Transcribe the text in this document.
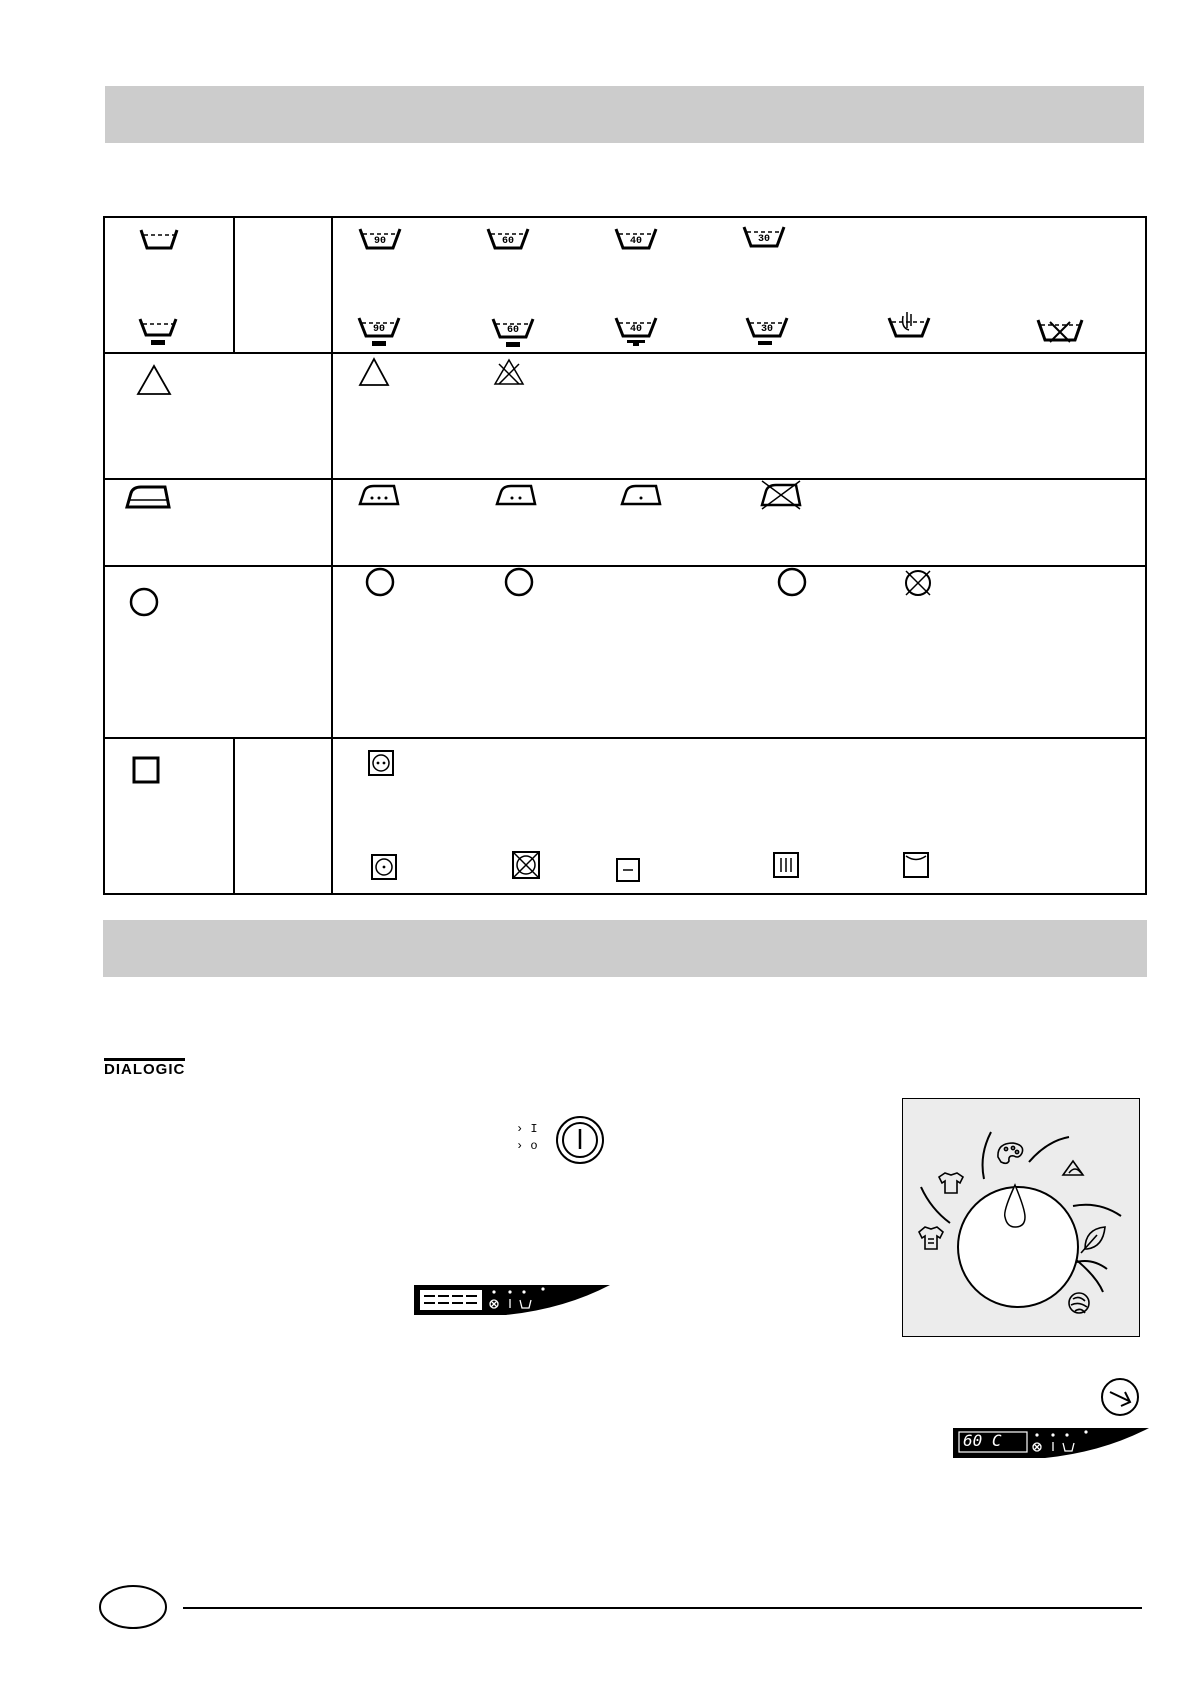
90	60	40	30
90	60	40	30
DIALOGIC
› I
› o
60 C
